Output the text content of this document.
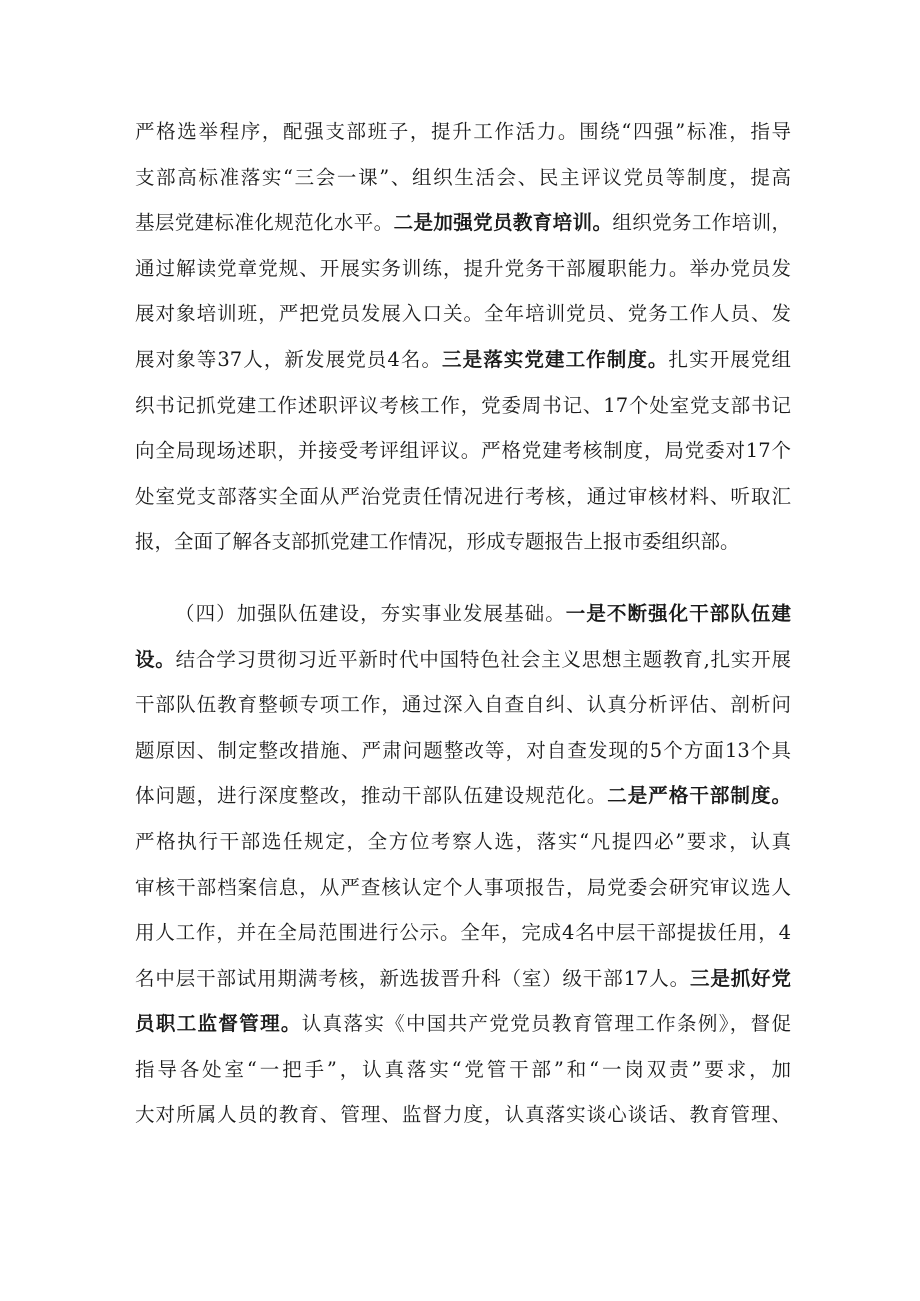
严格选举程序，配强支部班子，提升工作活力。围绕“四强”标准，指导
支部高标准落实“三会一课”、组织生活会、民主评议党员等制度，提高
基层党建标准化规范化水平。二是加强党员教育培训。组织党务工作培训，
通过解读党章党规、开展实务训练，提升党务干部履职能力。举办党员发
展对象培训班，严把党员发展入口关。全年培训党员、党务工作人员、发
展对象等37人，新发展党员4名。三是落实党建工作制度。扎实开展党组
织书记抓党建工作述职评议考核工作，党委周书记、17个处室党支部书记
向全局现场述职，并接受考评组评议。严格党建考核制度，局党委对17个
处室党支部落实全面从严治党责任情况进行考核，通过审核材料、听取汇
报，全面了解各支部抓党建工作情况，形成专题报告上报市委组织部。
（四）加强队伍建设，夯实事业发展基础。一是不断强化干部队伍建
设。结合学习贯彻习近平新时代中国特色社会主义思想主题教育,扎实开展
干部队伍教育整顿专项工作，通过深入自查自纠、认真分析评估、剖析问
题原因、制定整改措施、严肃问题整改等，对自查发现的5个方面13个具
体问题，进行深度整改，推动干部队伍建设规范化。二是严格干部制度。
严格执行干部选任规定，全方位考察人选，落实“凡提四必”要求，认真
审核干部档案信息，从严查核认定个人事项报告，局党委会研究审议选人
用人工作，并在全局范围进行公示。全年，完成4名中层干部提拔任用，4
名中层干部试用期满考核，新选拔晋升科（室）级干部17人。三是抓好党
员职工监督管理。认真落实《中国共产党党员教育管理工作条例》，督促
指导各处室“一把手”，认真落实“党管干部”和“一岗双责”要求，加
大对所属人员的教育、管理、监督力度，认真落实谈心谈话、教育管理、
